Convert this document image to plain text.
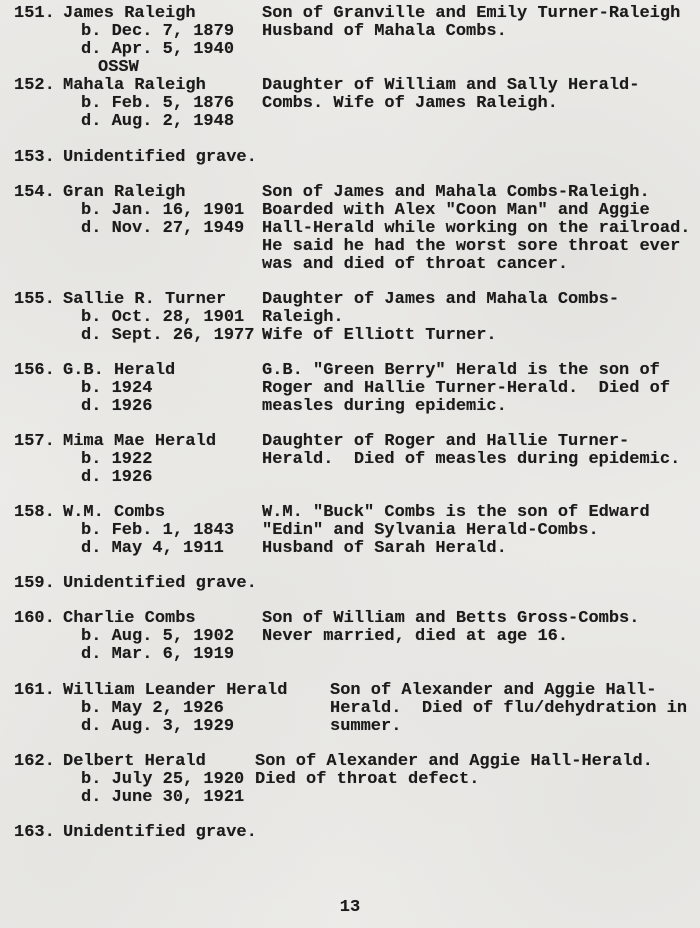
151. James Raleigh
b. Dec. 7, 1879
d. Apr. 5, 1940
OSSW
Son of Granville and Emily Turner-Raleigh
Husband of Mahala Combs.
152. Mahala Raleigh
b. Feb. 5, 1876
d. Aug. 2, 1948
Daughter of William and Sally Herald-
Combs. Wife of James Raleigh.
153. Unidentified grave.
154. Gran Raleigh
b. Jan. 16, 1901
d. Nov. 27, 1949
Son of James and Mahala Combs-Raleigh.
Boarded with Alex "Coon Man" and Aggie
Hall-Herald while working on the railroad.
He said he had the worst sore throat ever
was and died of throat cancer.
155. Sallie R. Turner
b. Oct. 28, 1901
d. Sept. 26, 1977
Daughter of James and Mahala Combs-
Raleigh.
Wife of Elliott Turner.
156. G.B. Herald
b. 1924
d. 1926
G.B. "Green Berry" Herald is the son of
Roger and Hallie Turner-Herald.  Died of
measles during epidemic.
157. Mima Mae Herald
b. 1922
d. 1926
Daughter of Roger and Hallie Turner-
Herald.  Died of measles during epidemic.
158. W.M. Combs
b. Feb. 1, 1843
d. May 4, 1911
W.M. "Buck" Combs is the son of Edward
"Edin" and Sylvania Herald-Combs.
Husband of Sarah Herald.
159. Unidentified grave.
160. Charlie Combs
b. Aug. 5, 1902
d. Mar. 6, 1919
Son of William and Betts Gross-Combs.
Never married, died at age 16.
161. William Leander Herald
b. May 2, 1926
d. Aug. 3, 1929
Son of Alexander and Aggie Hall-
Herald.  Died of flu/dehydration in
summer.
162. Delbert Herald
b. July 25, 1920
d. June 30, 1921
Son of Alexander and Aggie Hall-Herald.
Died of throat defect.
163. Unidentified grave.
13
